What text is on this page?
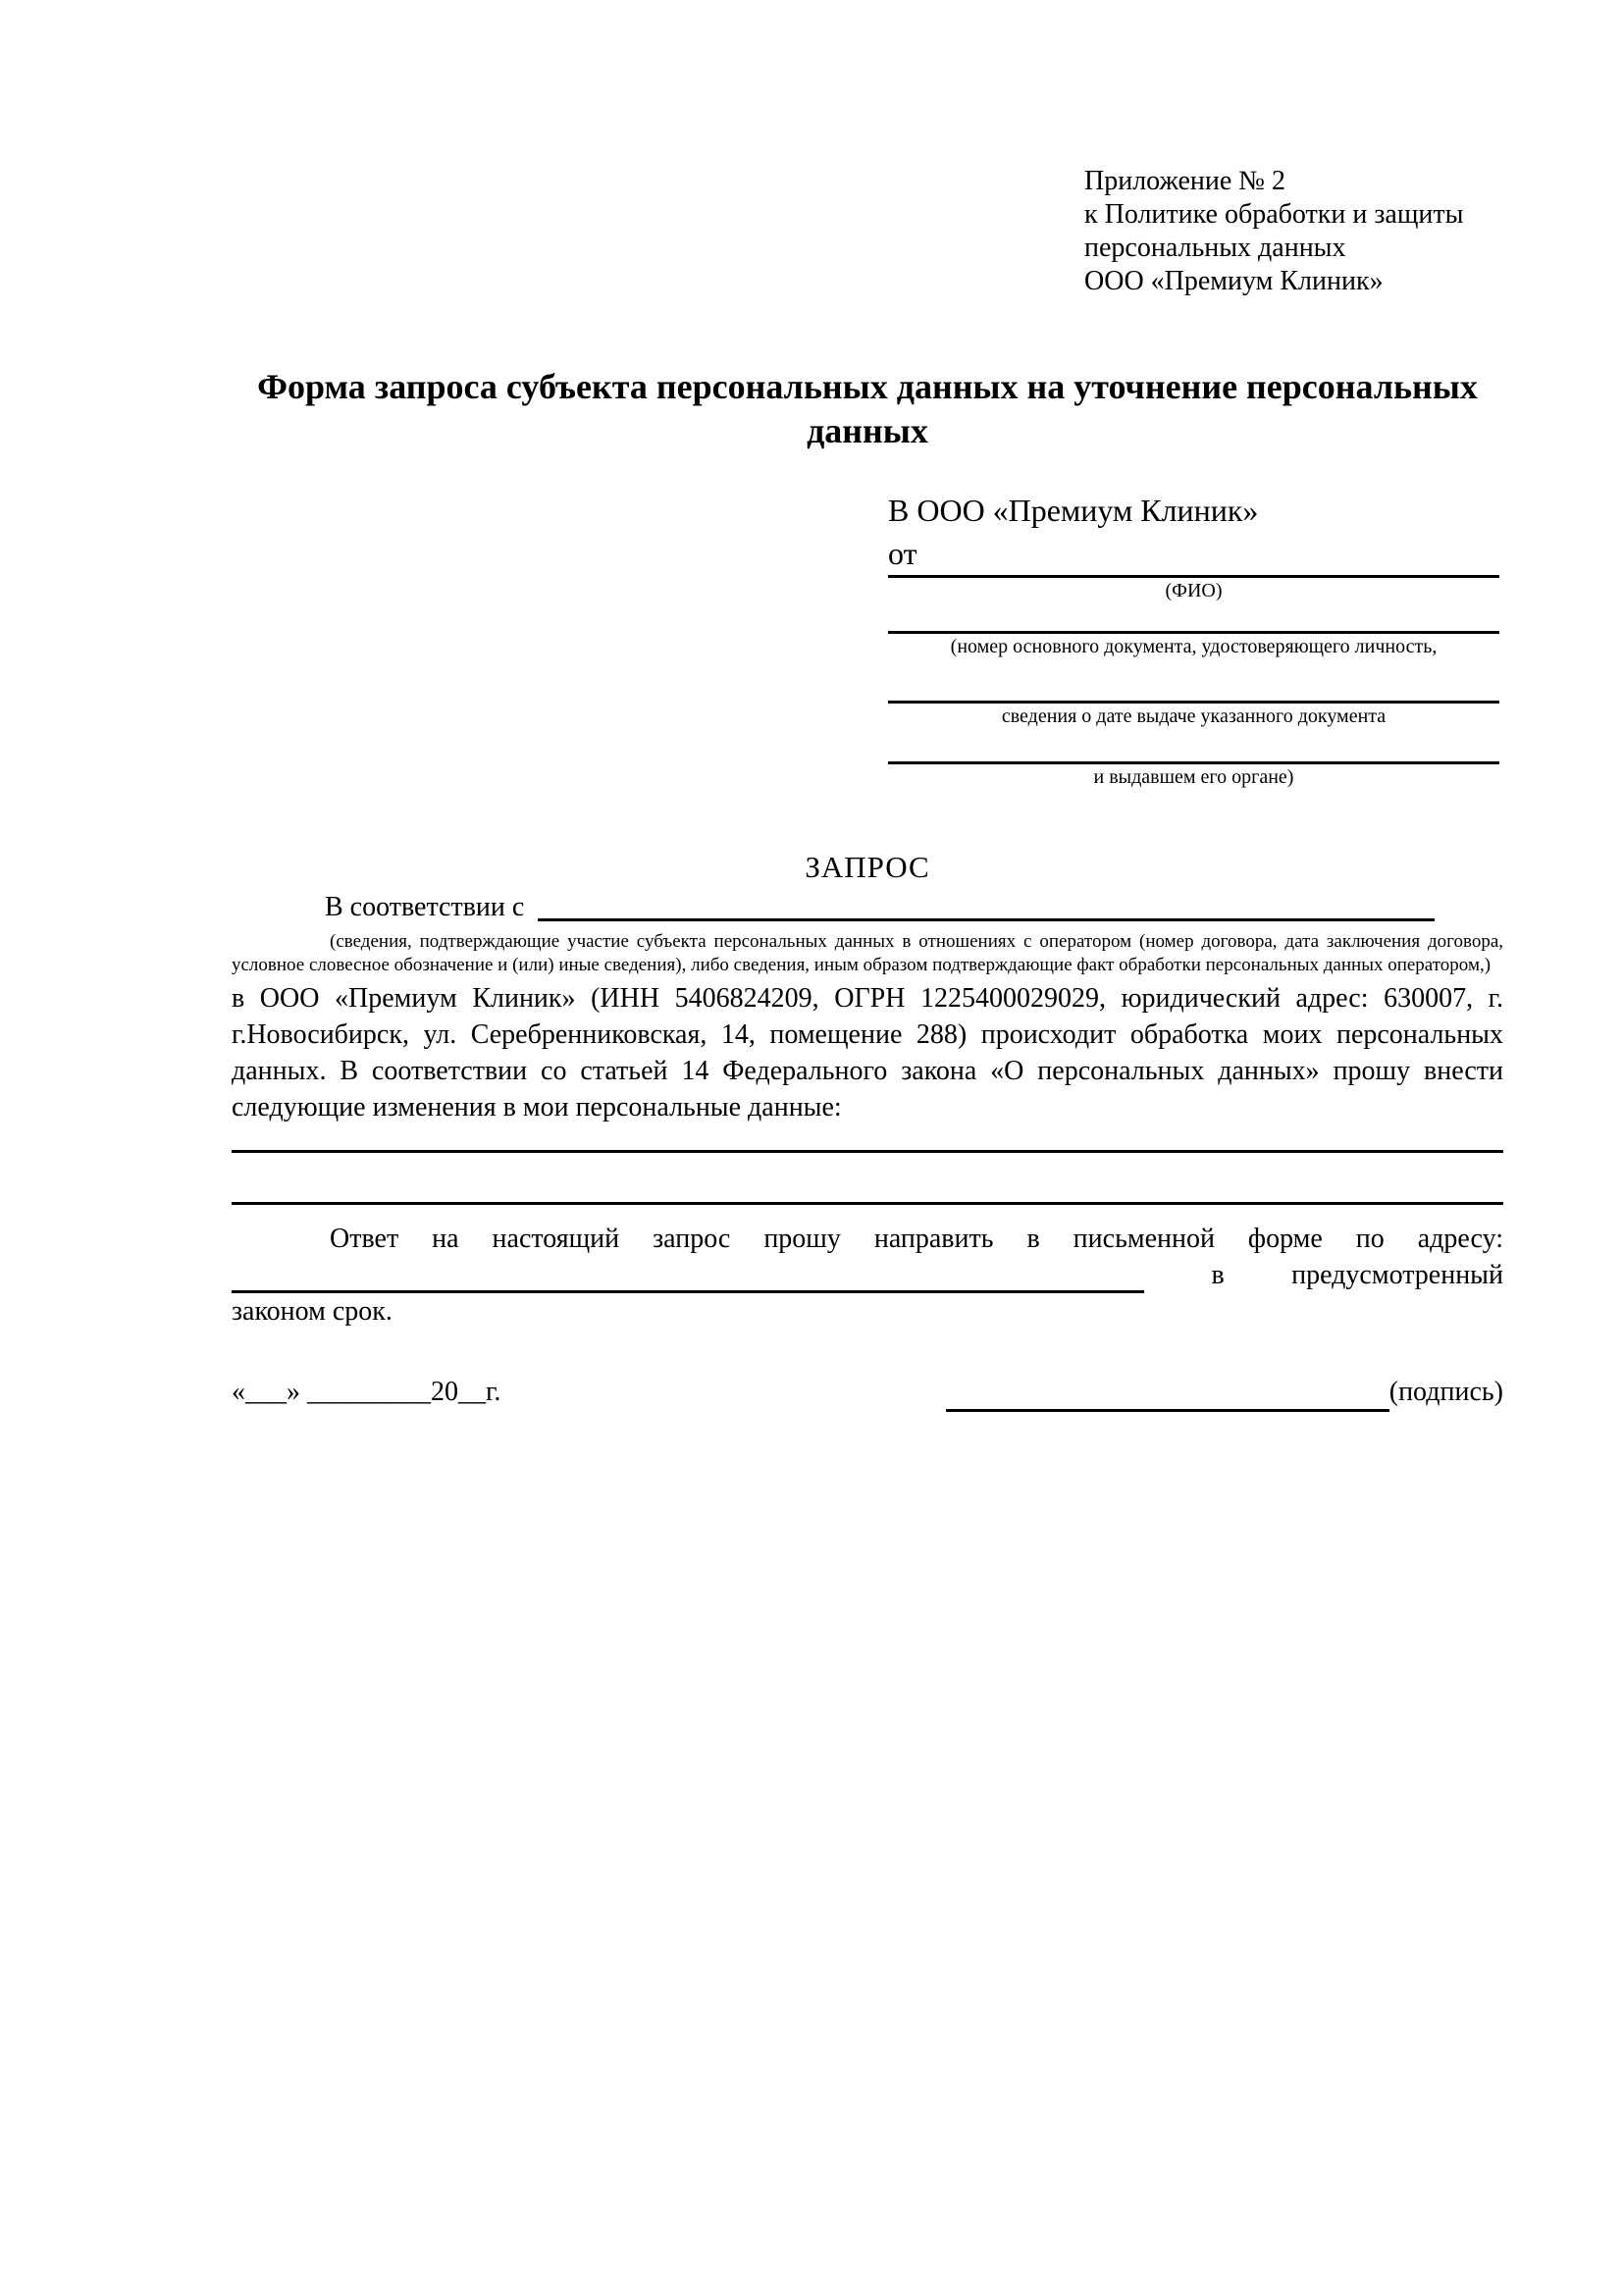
Приложение № 2
к Политике обработки и защиты
персональных данных
ООО «Премиум Клиник»
Форма запроса субъекта персональных данных на уточнение персональных данных
В ООО «Премиум Клиник»
от
(ФИО)
(номер основного документа, удостоверяющего личность,
сведения о дате выдаче указанного документа
и выдавшем его органе)
ЗАПРОС
В соответствии с
(сведения, подтверждающие участие субъекта персональных данных в отношениях с оператором (номер договора, дата заключения договора, условное словесное обозначение и (или) иные сведения), либо сведения, иным образом подтверждающие факт обработки персональных данных оператором,)

в ООО «Премиум Клиник» (ИНН 5406824209, ОГРН 1225400029029, юридический адрес: 630007, г. г.Новосибирск, ул. Серебренниковская, 14, помещение 288) происходит обработка моих персональных данных. В соответствии со статьей 14 Федерального закона «О персональных данных» прошу внести следующие изменения в мои персональные данные:

Ответ на настоящий запрос прошу направить в письменной форме по адресу:
в предусмотренный
законом срок.
«___» _________20__г.	(подпись)
